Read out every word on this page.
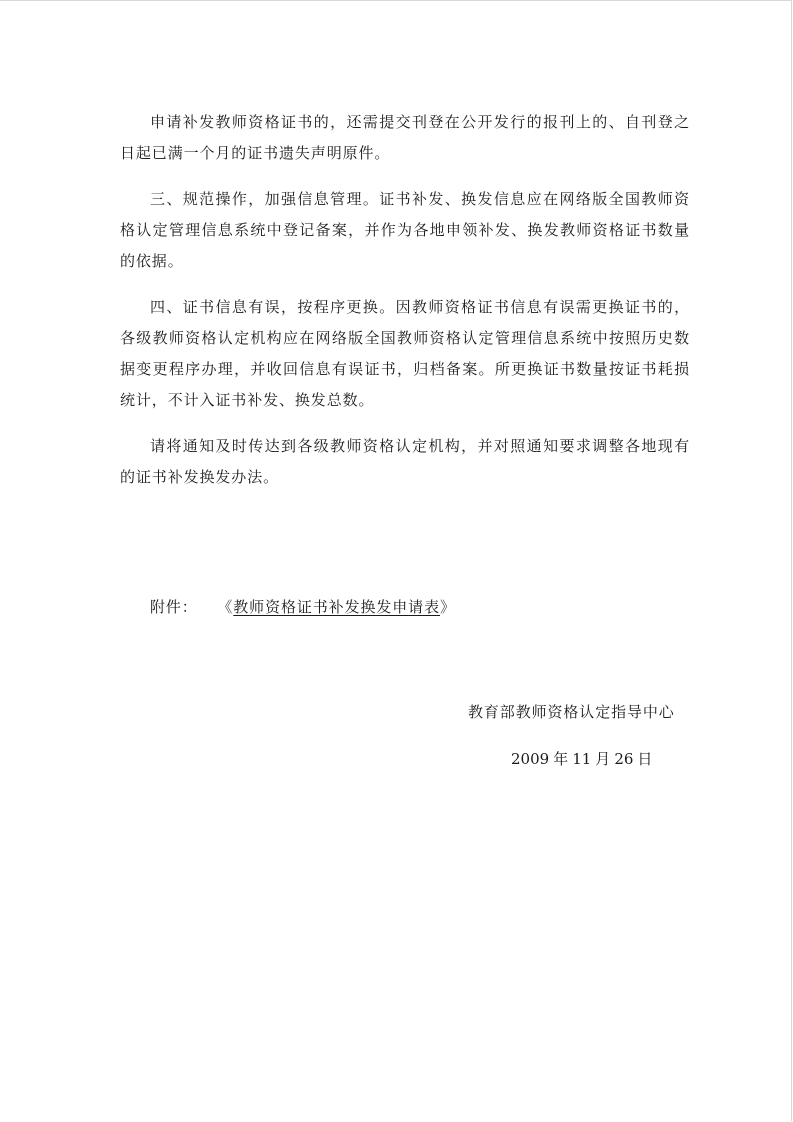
申请补发教师资格证书的，还需提交刊登在公开发行的报刊上的、自刊登之日起已满一个月的证书遗失声明原件。

三、规范操作，加强信息管理。证书补发、换发信息应在网络版全国教师资格认定管理信息系统中登记备案，并作为各地申领补发、换发教师资格证书数量的依据。

四、证书信息有误，按程序更换。因教师资格证书信息有误需更换证书的，各级教师资格认定机构应在网络版全国教师资格认定管理信息系统中按照历史数据变更程序办理，并收回信息有误证书，归档备案。所更换证书数量按证书耗损统计，不计入证书补发、换发总数。

请将通知及时传达到各级教师资格认定机构，并对照通知要求调整各地现有的证书补发换发办法。

附件： 《教师资格证书补发换发申请表》
教育部教师资格认定指导中心
2009 年 11 月 26 日
